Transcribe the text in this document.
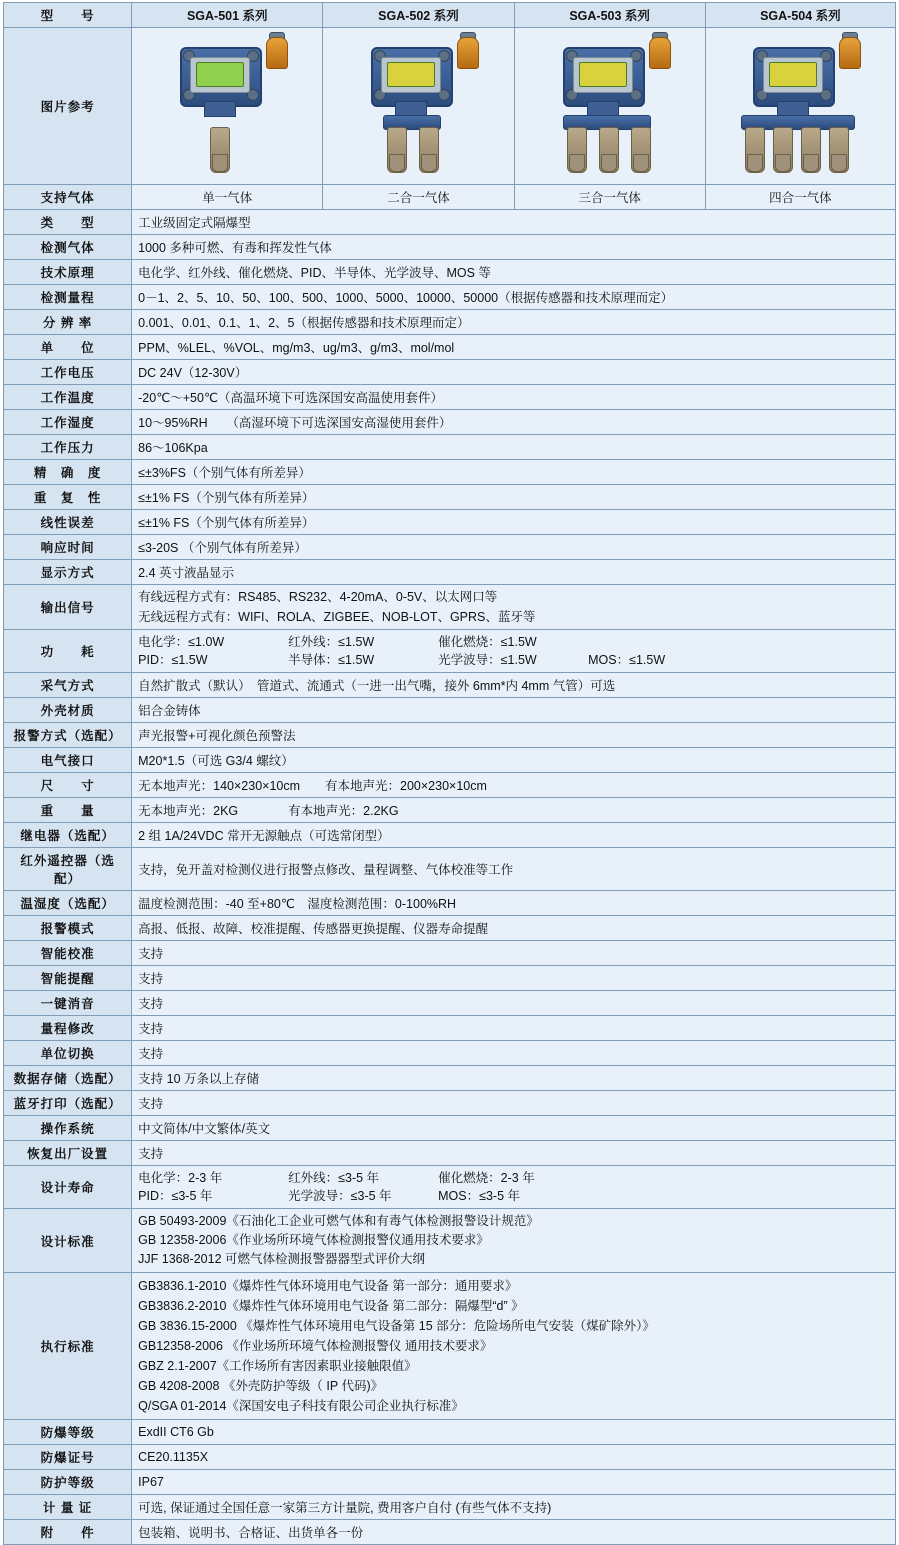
型　　号	SGA-501 系列	SGA-502 系列	SGA-503 系列	SGA-504 系列
图片参考	

支持气体	单一气体	二合一气体	三合一气体	四合一气体
类　　型	工业级固定式隔爆型			
检测气体	1000 多种可燃、有毒和挥发性气体			
技术原理	电化学、红外线、催化燃烧、PID、半导体、光学波导、MOS 等			
检测量程	0－1、2、5、10、50、100、500、1000、5000、10000、50000（根据传感器和技术原理而定）			
分 辨 率	0.001、0.01、0.1、1、2、5（根据传感器和技术原理而定）			
单　　位	PPM、%LEL、%VOL、mg/m3、ug/m3、g/m3、mol/mol			
工作电压	DC 24V（12-30V）			
工作温度	-20℃～+50℃（高温环境下可选深国安高温使用套件）			
工作湿度	10～95%RH　　（高湿环境下可选深国安高湿使用套件）			
工作压力	86～106Kpa			
精　确　度	≤±3%FS（个别气体有所差异）			
重　复　性	≤±1% FS（个别气体有所差异）			
线性误差	≤±1% FS（个别气体有所差异）			
响应时间	≤3-20S （个别气体有所差异）			
显示方式	2.4 英寸液晶显示			
输出信号	有线远程方式有：RS485、RS232、4-20mA、0-5V、以太网口等
无线远程方式有：WIFI、ROLA、ZIGBEE、NOB-LOT、GPRS、蓝牙等			

功　　耗	
电化学：≤1.0W	红外线：≤1.5W	催化燃烧：≤1.5W
PID：≤1.5W	半导体：≤1.5W	光学波导：≤1.5W	MOS：≤1.5W

采气方式	自然扩散式（默认）　管道式、流通式（一进一出气嘴，接外 6mm*内 4mm 气管）可选			
外壳材质	铝合金铸体			
报警方式（选配）	声光报警+可视化颜色预警法			
电气接口	M20*1.5（可选 G3/4 螺纹）			
尺　　寸	无本地声光：140×230×10cm　　有本地声光：200×230×10cm			
重　　量	无本地声光：2KG　　　　有本地声光：2.2KG			
继电器（选配）	2 组 1A/24VDC 常开无源触点（可选常闭型）			
红外遥控器（选配）	支持，免开盖对检测仪进行报警点修改、量程调整、气体校准等工作			
温湿度（选配）	温度检测范围：-40 至+80℃　湿度检测范围：0-100%RH			
报警模式	高报、低报、故障、校准提醒、传感器更换提醒、仪器寿命提醒			
智能校准	支持			
智能提醒	支持			
一键消音	支持			
量程修改	支持			
单位切换	支持			
数据存储（选配）	支持 10 万条以上存储			
蓝牙打印（选配）	支持			
操作系统	中文简体/中文繁体/英文			
恢复出厂设置	支持			
设计寿命	
电化学：2-3 年	红外线：≤3-5 年	催化燃烧：2-3 年
PID：≤3-5 年	光学波导：≤3-5 年	MOS：≤3-5 年

设计标准	GB 50493-2009《石油化工企业可燃气体和有毒气体检测报警设计规范》
GB 12358-2006《作业场所环境气体检测报警仪通用技术要求》
JJF 1368-2012 可燃气体检测报警器器型式评价大纲			

执行标准	
GB3836.1-2010《爆炸性气体环境用电气设备 第一部分：通用要求》
GB3836.2-2010《爆炸性气体环境用电气设备 第二部分：隔爆型“d” 》
GB 3836.15-2000 《爆炸性气体环境用电气设备第 15 部分：危险场所电气安装（煤矿除外）》
GB12358-2006 《作业场所环境气体检测报警仪 通用技术要求》
GBZ 2.1-2007《工作场所有害因素职业接触限值》
GB 4208-2008 《外壳防护等级（ IP 代码)》
Q/SGA 01-2014《深国安电子科技有限公司企业执行标准》

防爆等级	ExdII CT6 Gb			
防爆证号	CE20.1135X			
防护等级	IP67			
计 量 证	可选, 保证通过全国任意一家第三方计量院, 费用客户自付 (有些气体不支持)			
附　　件	包装箱、说明书、合格证、出货单各一份			
